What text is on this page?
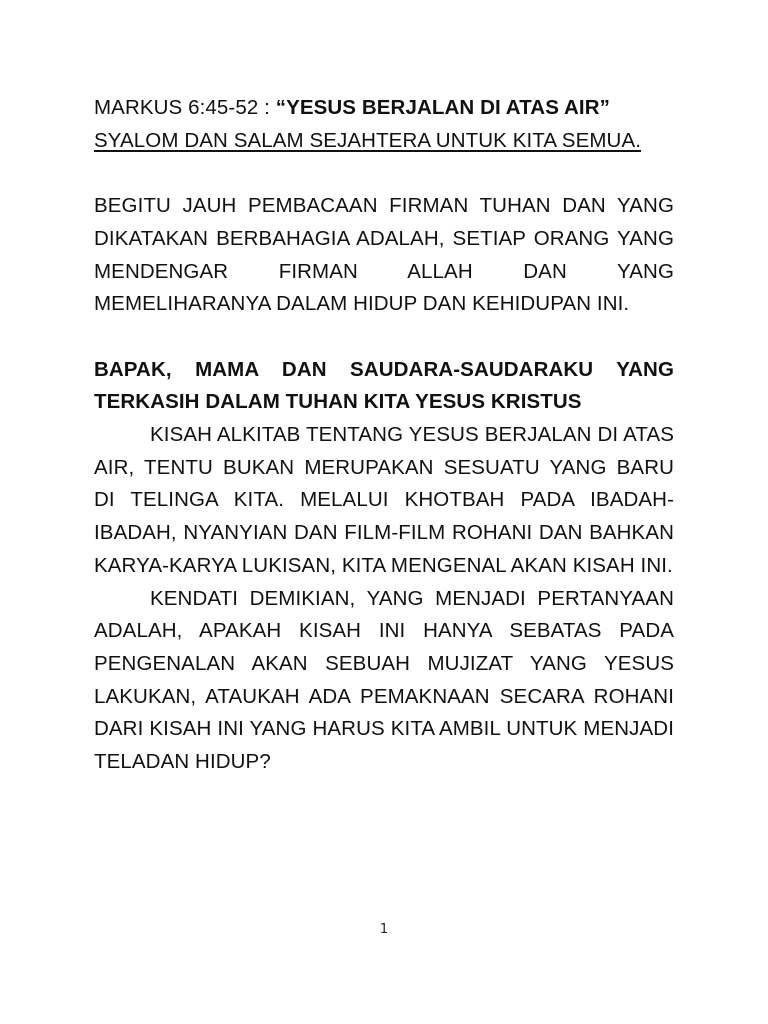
MARKUS 6:45-52 : “YESUS BERJALAN DI ATAS AIR”

SYALOM DAN SALAM SEJAHTERA UNTUK KITA SEMUA.

BEGITU JAUH PEMBACAAN FIRMAN TUHAN DAN YANG DIKATAKAN BERBAHAGIA ADALAH, SETIAP ORANG YANG MENDENGAR FIRMAN ALLAH DAN YANG MEMELIHARANYA DALAM HIDUP DAN KEHIDUPAN INI.

BAPAK, MAMA DAN SAUDARA-SAUDARAKU YANG TERKASIH DALAM TUHAN KITA YESUS KRISTUS

KISAH ALKITAB TENTANG YESUS BERJALAN DI ATAS AIR, TENTU BUKAN MERUPAKAN SESUATU YANG BARU DI TELINGA KITA. MELALUI KHOTBAH PADA IBADAH-IBADAH, NYANYIAN DAN FILM-FILM ROHANI DAN BAHKAN KARYA-KARYA LUKISAN, KITA MENGENAL AKAN KISAH INI.

KENDATI DEMIKIAN, YANG MENJADI PERTANYAAN ADALAH, APAKAH KISAH INI HANYA SEBATAS PADA PENGENALAN AKAN SEBUAH MUJIZAT YANG YESUS LAKUKAN, ATAUKAH ADA PEMAKNAAN SECARA ROHANI DARI KISAH INI YANG HARUS KITA AMBIL UNTUK MENJADI TELADAN HIDUP?

1
